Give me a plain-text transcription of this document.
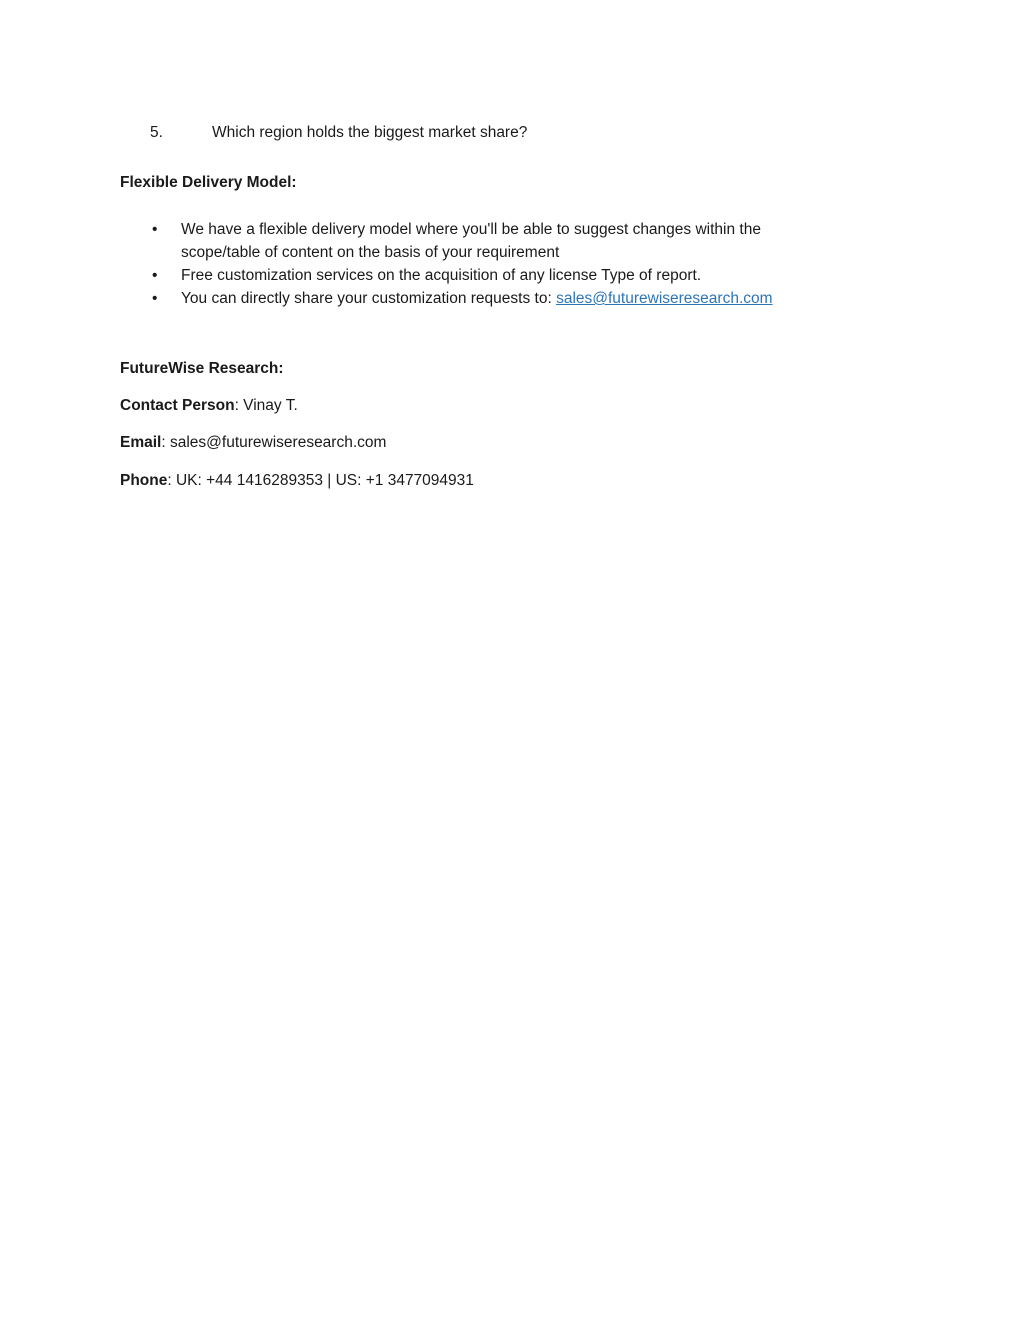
5.	Which region holds the biggest market share?

Flexible Delivery Model:

•	We have a flexible delivery model where you'll be able to suggest changes within the scope/table of content on the basis of your requirement
•	Free customization services on the acquisition of any license Type of report.
•	You can directly share your customization requests to: sales@futurewiseresearch.com

FutureWise Research:

Contact Person: Vinay T.

Email: sales@futurewiseresearch.com

Phone: UK: +44 1416289353 | US: +1 3477094931
